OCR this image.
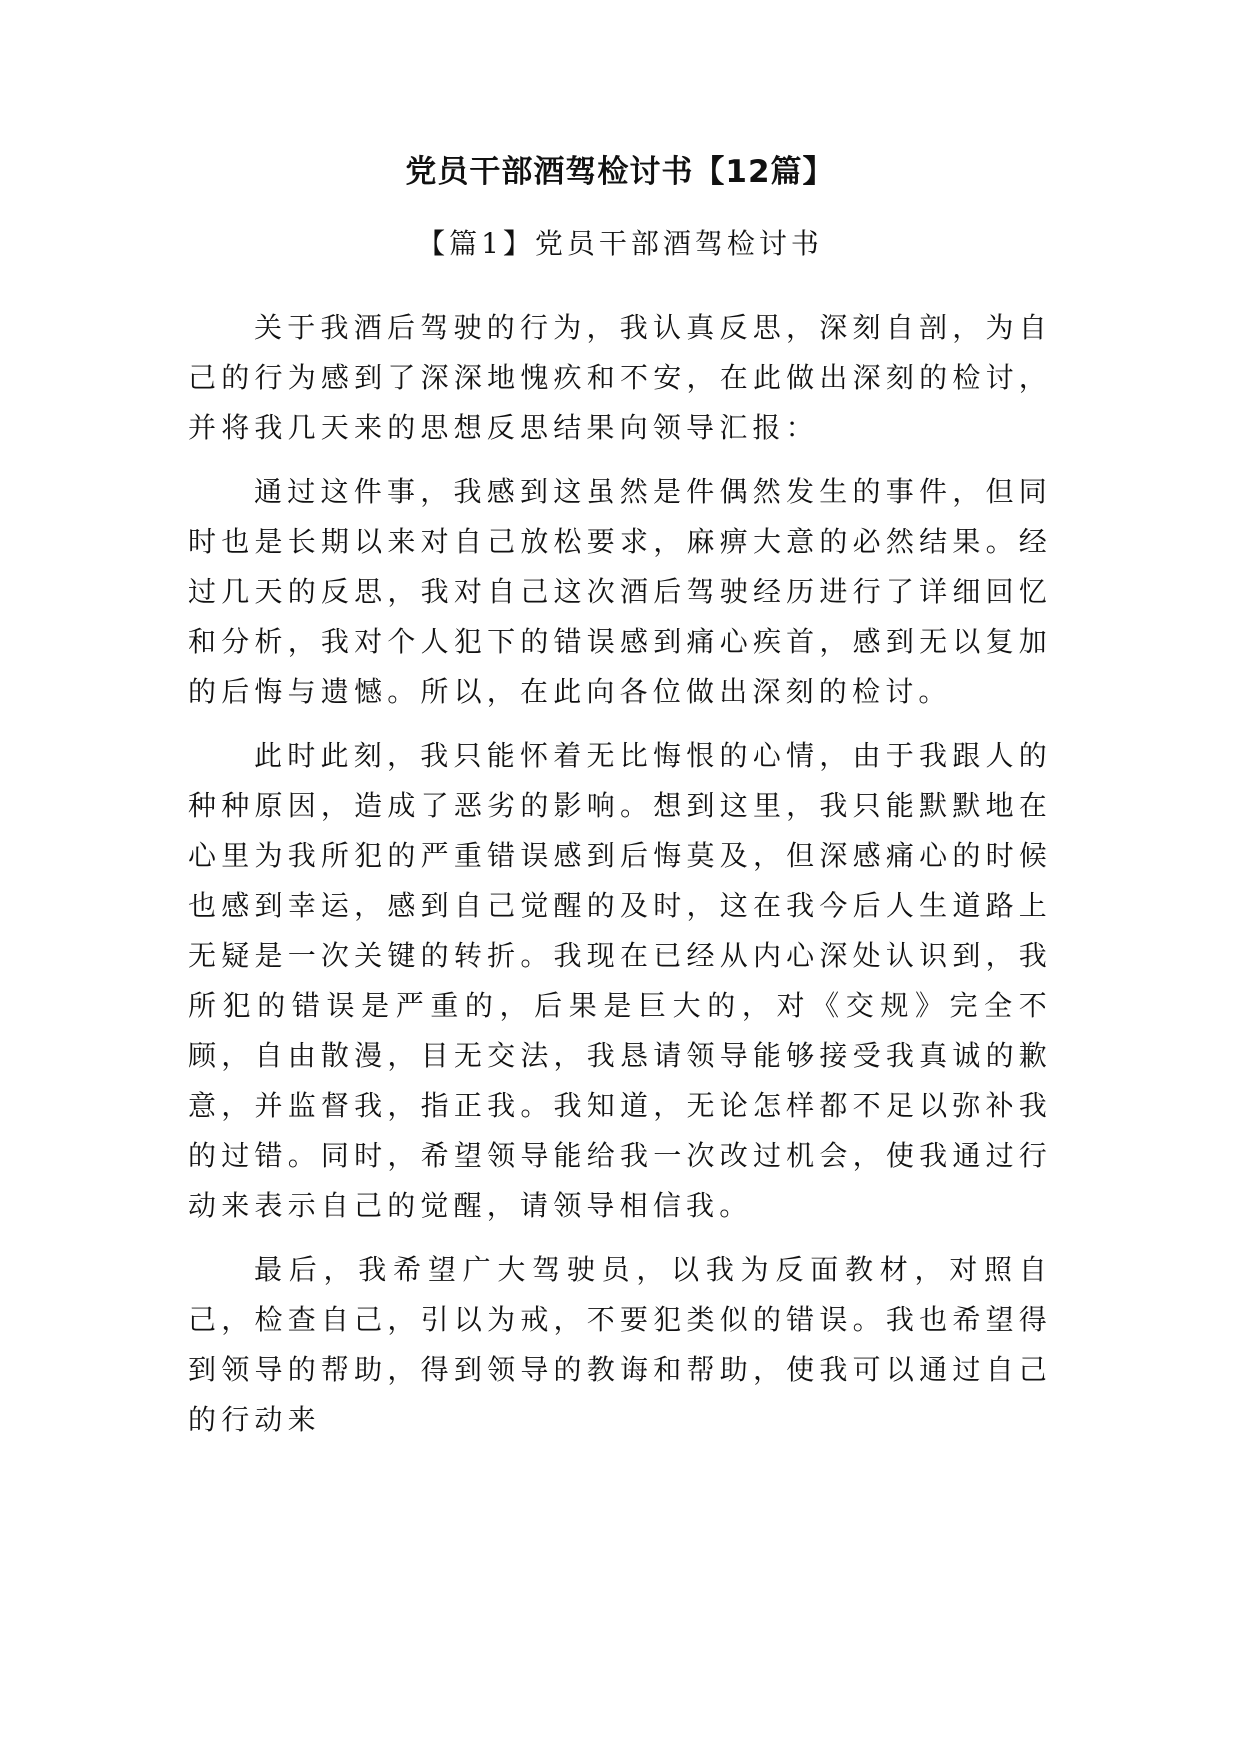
党员干部酒驾检讨书【12篇】
【篇1】党员干部酒驾检讨书

关于我酒后驾驶的行为，我认真反思，深刻自剖，为自己的行为感到了深深地愧疚和不安，在此做出深刻的检讨，并将我几天来的思想反思结果向领导汇报：

通过这件事，我感到这虽然是件偶然发生的事件，但同时也是长期以来对自己放松要求，麻痹大意的必然结果。经过几天的反思，我对自己这次酒后驾驶经历进行了详细回忆和分析，我对个人犯下的错误感到痛心疾首，感到无以复加的后悔与遗憾。所以，在此向各位做出深刻的检讨。

此时此刻，我只能怀着无比悔恨的心情，由于我跟人的种种原因，造成了恶劣的影响。想到这里，我只能默默地在心里为我所犯的严重错误感到后悔莫及，但深感痛心的时候也感到幸运，感到自己觉醒的及时，这在我今后人生道路上无疑是一次关键的转折。我现在已经从内心深处认识到，我所犯的错误是严重的，后果是巨大的，对《交规》完全不顾，自由散漫，目无交法，我恳请领导能够接受我真诚的歉意，并监督我，指正我。我知道，无论怎样都不足以弥补我的过错。同时，希望领导能给我一次改过机会，使我通过行动来表示自己的觉醒，请领导相信我。

最后，我希望广大驾驶员，以我为反面教材，对照自己，检查自己，引以为戒，不要犯类似的错误。我也希望得到领导的帮助，得到领导的教诲和帮助，使我可以通过自己的行动来
